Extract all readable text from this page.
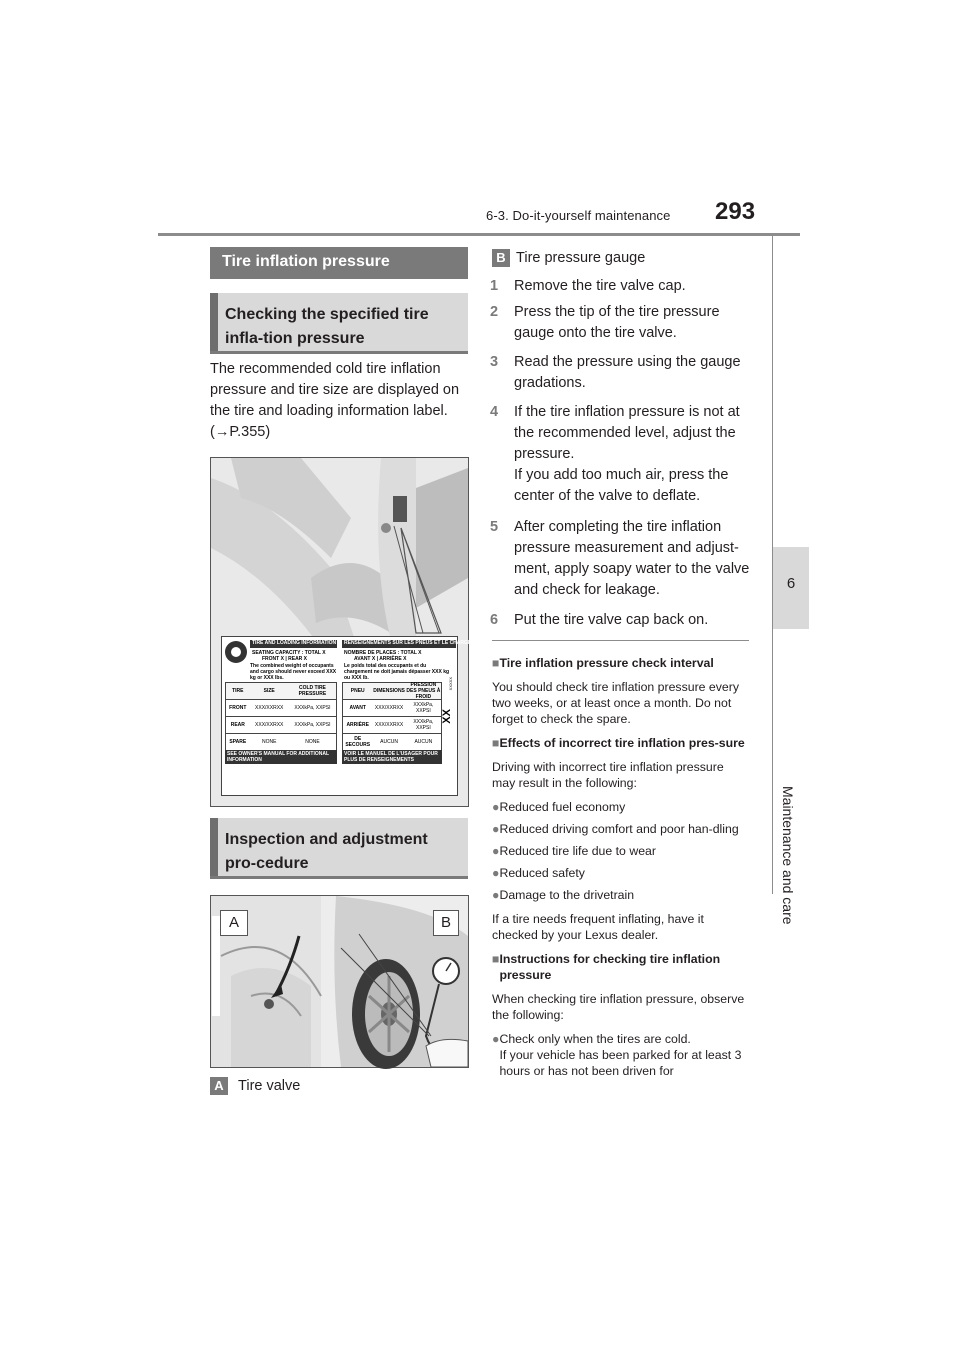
6-3. Do-it-yourself maintenance 293
6
Maintenance and care
Tire inflation pressure
Checking the specified tire infla-tion pressure
The recommended cold tire inflation pressure and tire size are displayed on the tire and loading information label.
(→P.355)
TIRE AND LOADING INFORMATION	RENSEIGNEMENTS SUR LES PNEUS ET LE CHARGEMENT
SEATING CAPACITY : TOTAL X
FRONT X | REAR X
The combined weight of occupants and cargo should never exceed XXX kg or XXX lbs.
NOMBRE DE PLACES : TOTAL X
AVANT X | ARRIÈRE X
Le poids total des occupants et du chargement ne doit jamais dépasser XXX kg ou XXX lb.
TIRE	SIZE	COLD TIRE PRESSURE
FRONT	XXX/XXRXX	XXXkPa, XXPSI
REAR	XXX/XXRXX	XXXkPa, XXPSI
SPARE	NONE	NONE
PNEU	DIMENSIONS
PRESSION DES PNEUS À FROID
AVANT	XXX/XXRXX	XXXkPa, XXPSI
ARRIÈRE	XXX/XXRXX	XXXkPa, XXPSI
DE SECOURS	AUCUN	AUCUN
XX
XXXXX
SEE OWNER'S MANUAL FOR ADDITIONAL INFORMATION
VOIR LE MANUEL DE L'USAGER POUR PLUS DE RENSEIGNEMENTS
Inspection and adjustment pro-cedure
A	B
A Tire valve
B Tire pressure gauge
1 Remove the tire valve cap.
2 Press the tip of the tire pressure gauge onto the tire valve.
3 Read the pressure using the gauge gradations.
4 If the tire inflation pressure is not at the recommended level, adjust the pressure.
If you add too much air, press the center of the valve to deflate.
5 After completing the tire inflation pressure measurement and adjust-ment, apply soapy water to the valve and check for leakage.
6 Put the tire valve cap back on.
■Tire inflation pressure check interval
You should check tire inflation pressure every two weeks, or at least once a month. Do not forget to check the spare.
■ Effects of incorrect tire inflation pres-sure
Driving with incorrect tire inflation pressure may result in the following:
● Reduced fuel economy
● Reduced driving comfort and poor han-dling
● Reduced tire life due to wear
● Reduced safety
● Damage to the drivetrain
If a tire needs frequent inflating, have it checked by your Lexus dealer.
■ Instructions for checking tire inflation pressure
When checking tire inflation pressure, observe the following:
● Check only when the tires are cold.
If your vehicle has been parked for at least 3 hours or has not been driven for
